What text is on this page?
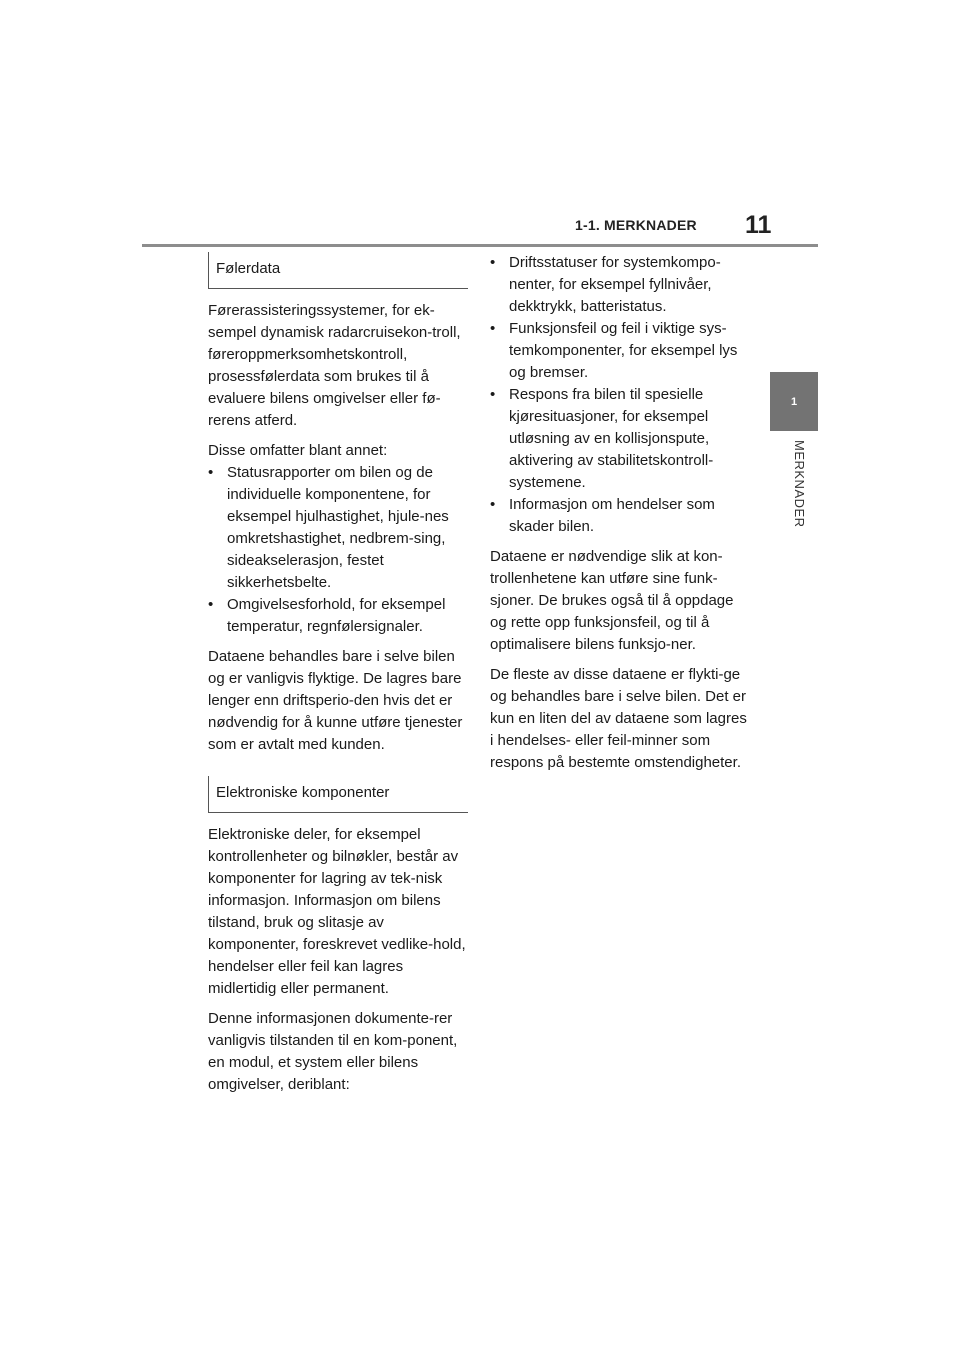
1-1. MERKNADER 11
1
MERKNADER
Følerdata

Førerassisteringssystemer, for ek-sempel dynamisk radarcruisekon-troll, føreroppmerksomhetskontroll, prosessfølerdata som brukes til å evaluere bilens omgivelser eller fø-rerens atferd.

Disse omfatter blant annet:

• Statusrapporter om bilen og de individuelle komponentene, for eksempel hjulhastighet, hjule-nes omkretshastighet, nedbrem-sing, sideakselerasjon, festet sikkerhetsbelte.
• Omgivelsesforhold, for eksempel temperatur, regnfølersignaler.

Dataene behandles bare i selve bilen og er vanligvis flyktige. De lagres bare lenger enn driftsperio-den hvis det er nødvendig for å kunne utføre tjenester som er avtalt med kunden.

Elektroniske komponenter

Elektroniske deler, for eksempel kontrollenheter og bilnøkler, består av komponenter for lagring av tek-nisk informasjon. Informasjon om bilens tilstand, bruk og slitasje av komponenter, foreskrevet vedlike-hold, hendelser eller feil kan lagres midlertidig eller permanent.

Denne informasjonen dokumente-rer vanligvis tilstanden til en kom-ponent, en modul, et system eller bilens omgivelser, deriblant:

• Driftsstatuser for systemkompo-nenter, for eksempel fyllnivåer, dekktrykk, batteristatus.
• Funksjonsfeil og feil i viktige sys-temkomponenter, for eksempel lys og bremser.
• Respons fra bilen til spesielle kjøresituasjoner, for eksempel utløsning av en kollisjonspute, aktivering av stabilitetskontroll-systemene.
• Informasjon om hendelser som skader bilen.

Dataene er nødvendige slik at kon-trollenhetene kan utføre sine funk-sjoner. De brukes også til å oppdage og rette opp funksjonsfeil, og til å optimalisere bilens funksjo-ner.

De fleste av disse dataene er flykti-ge og behandles bare i selve bilen. Det er kun en liten del av dataene som lagres i hendelses- eller feil-minner som respons på bestemte omstendigheter.
